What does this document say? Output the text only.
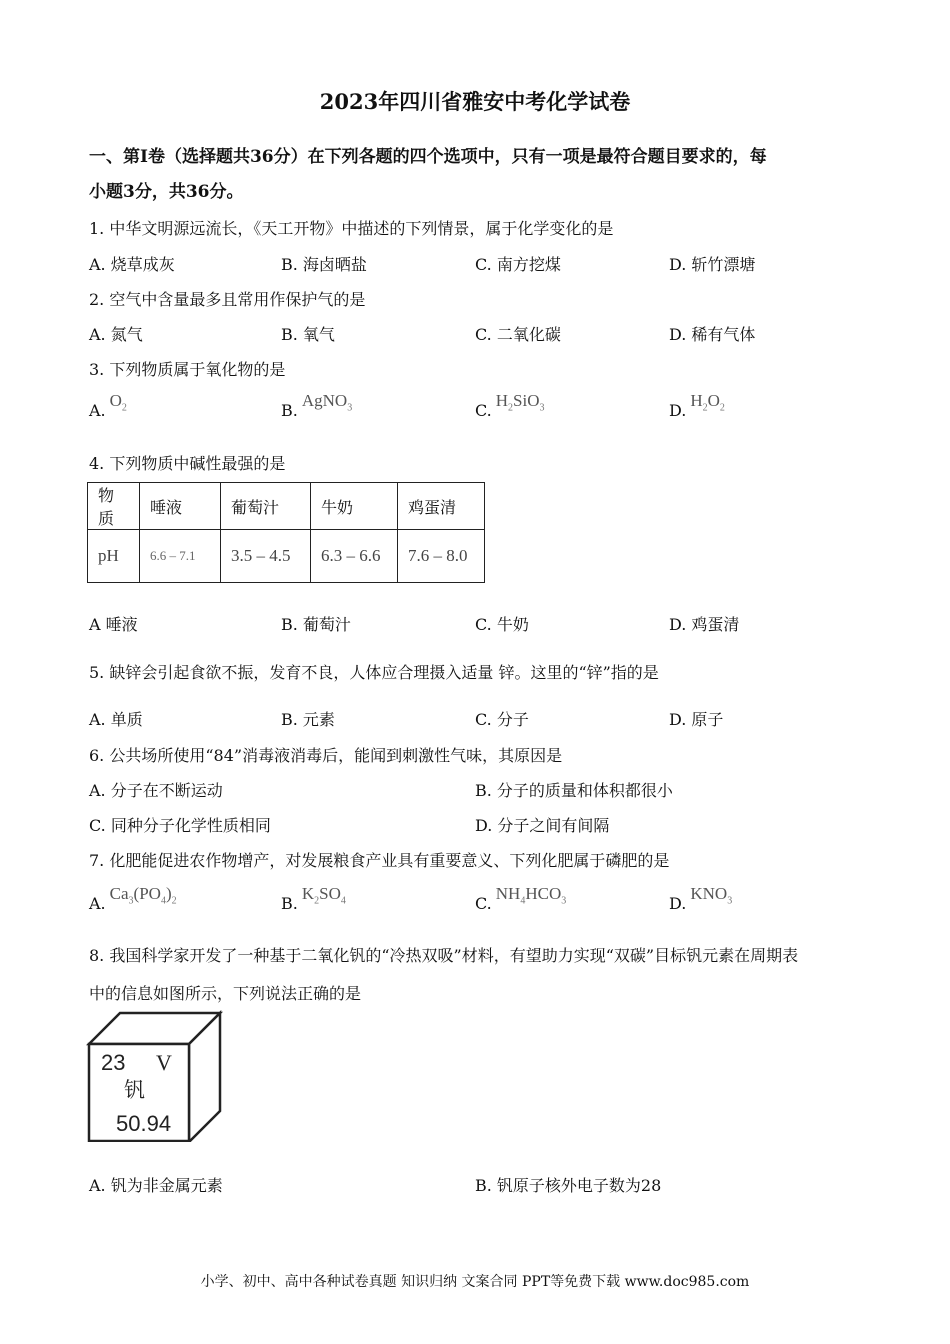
2023年四川省雅安中考化学试卷
一、第Ⅰ卷（选择题共36分）在下列各题的四个选项中，只有一项是最符合题目要求的，每
小题3分，共36分。
1. 中华文明源远流长，《天工开物》中描述的下列情景，属于化学变化的是
A. 烧草成灰	B. 海卤晒盐	C. 南方挖煤	D. 斩竹漂塘
2. 空气中含量最多且常用作保护气的是
A. 氮气	B. 氧气	C. 二氧化碳	D. 稀有气体
3. 下列物质属于氧化物的是
$A.O_2$	B.AgNO$_3$	$C.H_2SiO_3$	$D.H_2O_2$
4. 下列物质中碱性最强的是
物质	唾液	葡萄汁	牛奶	鸡蛋清
pH	6.6 – 7.1	3.5 – 4.5	6.3 – 6.6	7.6 – 8.0
A 唾液	B. 葡萄汁	C. 牛奶	D. 鸡蛋清
5. 缺锌会引起食欲不振，发育不良，人体应合理摄入适量 锌。这里的“锌”指的是
A. 单质	B. 元素	C. 分子	D. 原子
6. 公共场所使用“84”消毒液消毒后，能闻到刺激性气味，其原因是
A. 分子在不断运动	B. 分子的质量和体积都很小
C. 同种分子化学性质相同	D. 分子之间有间隔
7. 化肥能促进农作物增产，对发展粮食产业具有重要意义、下列化肥属于磷肥的是
$A.Ca_3(PO_4)_2$	$B.K_2SO_4$	$C.NH_4HCO_3$	$D.KNO_3$
8. 我国科学家开发了一种基于二氧化钒的“冷热双吸”材料，有望助力实现“双碳”目标钒元素在周期表
中的信息如图所示，下列说法正确的是
23 V
钒
50.94
A. 钒为非金属元素	B. 钒原子核外电子数为28
小学、初中、高中各种试卷真题 知识归纳 文案合同 PPT等免费下载 www.doc985.com
